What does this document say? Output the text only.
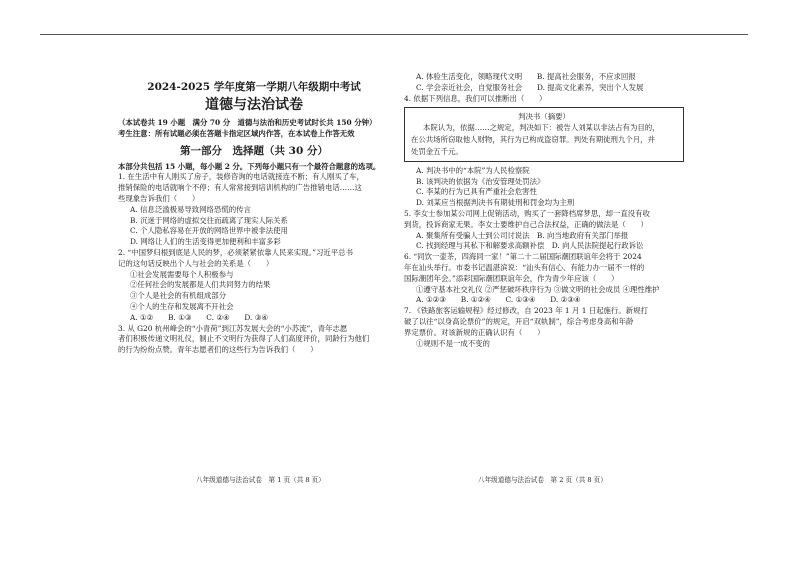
2024-2025 学年度第一学期八年级期中考试
道德与法治试卷
（本试卷共 19 小题　满分 70 分　道德与法治和历史考试时长共 150 分钟）
考生注意：所有试题必须在答题卡指定区域内作答，在本试卷上作答无效
第一部分　选择题（共 30 分）
本部分共包括 15 小题，每小题 2 分。下列每小题只有一个最符合题意的选项。
1. 在生活中有人刚买了房子，装修咨询的电话就接连不断；有人刚买了车，
推销保险的电话就响个不停；有人常常接到培训机构的广告推销电话……这
些现象告诉我们（　　）
A. 信息泛滥极易导致网络恐慌的传言
B. 沉迷于网络的虚拟交往而疏离了现实人际关系
C. 个人隐私容易在开放的网络世界中被非法使用
D. 网络让人们的生活变得更加便利和丰富多彩
2. “中国梦归根到底是人民的梦，必须紧紧依靠人民来实现。”习近平总书
记的这句话反映出个人与社会的关系是（　　）
①社会发展需要每个人积极参与
②任何社会的发展都是人们共同努力的结果
③个人是社会的有机组成部分
④个人的生存和发展离不开社会
A. ①②　　B. ①③　　C. ②④　　D. ③④
3. 从 G20 杭州峰会的“小青荷”到江苏发展大会的“小苏流”，青年志愿
者们积极传递文明礼仪，制止不文明行为获得了人们高度评价，同龄行为他们
的行为纷纷点赞。青年志愿者们的这些行为告诉我们（　　）
八年级道德与法治试卷　第 1 页（共 8 页）
A. 体验生活变化，领略现代文明　　B. 提高社会服务，不应求回报
C. 学会亲近社会，自觉服务社会　　D. 提高文化素养，突出个人发展
4. 依据下列信息，我们可以推断出（　　）
判决书（摘要）
本院认为，依据……之规定，判决如下：被告人刘某以非法占有为目的，
在公共场所窃取他人财物，其行为已构成盗窃罪。判处有期徒刑九个月，并
处罚金五千元。
A. 判决书中的“本院”为人民检察院
B. 该判决的依据为《治安管理处罚法》
C. 李某的行为已具有严重社会危害性
D. 刘某应当根据判决书有期徒刑和罚金均为主刑
5. 李女士参加某公司网上促销活动，购买了一套降档席梦思，却一直没有收
到货，投诉商家无果。李女士要维护自己合法权益，正确的做法是（　　）
A. 聚集所有受骗人士到公司讨说法　B. 向当地政府有关部门举报
C. 找到经理与其私下和解要求高额补偿　D. 向人民法院提起行政诉讼
6. “同饮一壶茶，四海同一家！”第二十二届国际潮团联谊年会将于 2024
年在汕头举行。市委书记温湛滨说：“汕头有信心、有能力办一届不一样的
国际潮团年会。”添彩国际潮团联谊年会，作为青少年应该（　　）
①遵守基本社交礼仪 ②严惩破坏秩序行为 ③做文明的社会成员 ④理性维护
A. ①②③　　B. ①②④　　C. ①③④　　D. ②③④
7. 《铁路旅客运输规程》经过修改，自 2023 年 1 月 1 日起施行。新规打
破了以往“以身高论票价”的规定，开启“双轨制”，综合考虑身高和年龄
界定票价。对该新规的正确认识有（　　）
①规则不是一成不变的
八年级道德与法治试卷　第 2 页（共 8 页）
